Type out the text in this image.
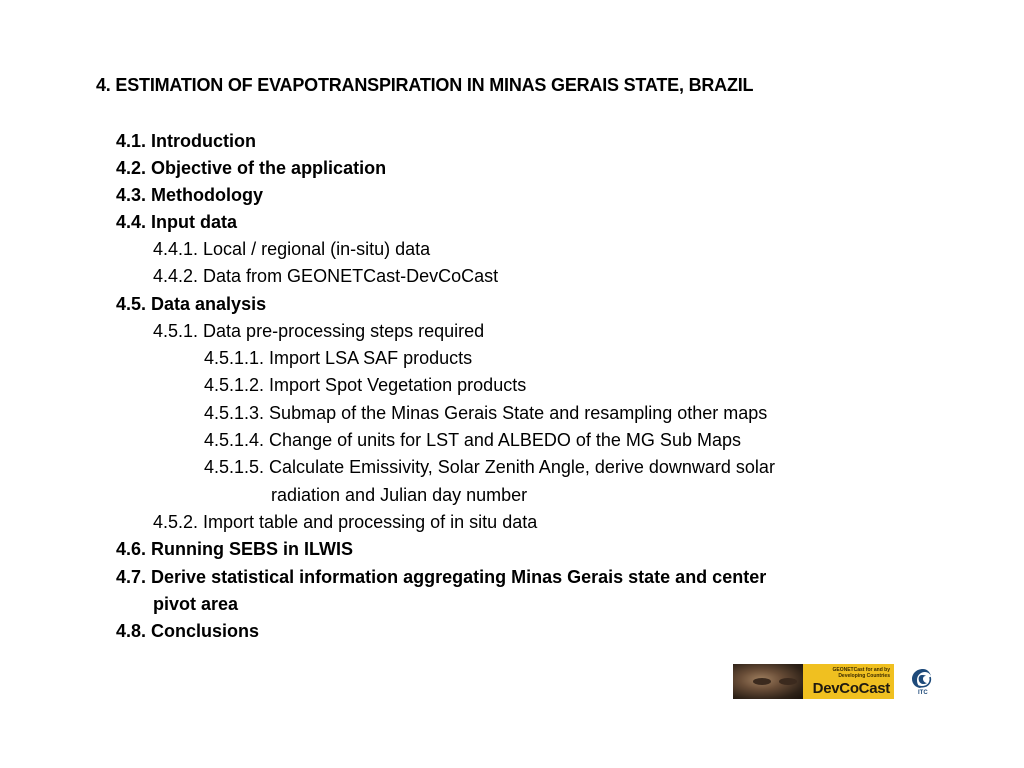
4. ESTIMATION OF EVAPOTRANSPIRATION IN MINAS GERAIS STATE, BRAZIL
4.1. Introduction
4.2. Objective of the application
4.3. Methodology
4.4. Input data
4.4.1. Local / regional (in-situ) data
4.4.2. Data from GEONETCast-DevCoCast
4.5. Data analysis
4.5.1. Data pre-processing steps required
4.5.1.1. Import LSA SAF products
4.5.1.2. Import Spot Vegetation products
4.5.1.3. Submap of the Minas Gerais State and resampling other maps
4.5.1.4. Change of units for LST and ALBEDO of the MG Sub Maps
4.5.1.5. Calculate Emissivity, Solar Zenith Angle, derive downward solar
radiation and Julian day number
4.5.2. Import table and processing of in situ data
4.6. Running SEBS in ILWIS
4.7. Derive statistical information aggregating Minas Gerais state and center
pivot area
4.8. Conclusions
GEONETCast for and by Developing Countries
DevCoCast	ITC
